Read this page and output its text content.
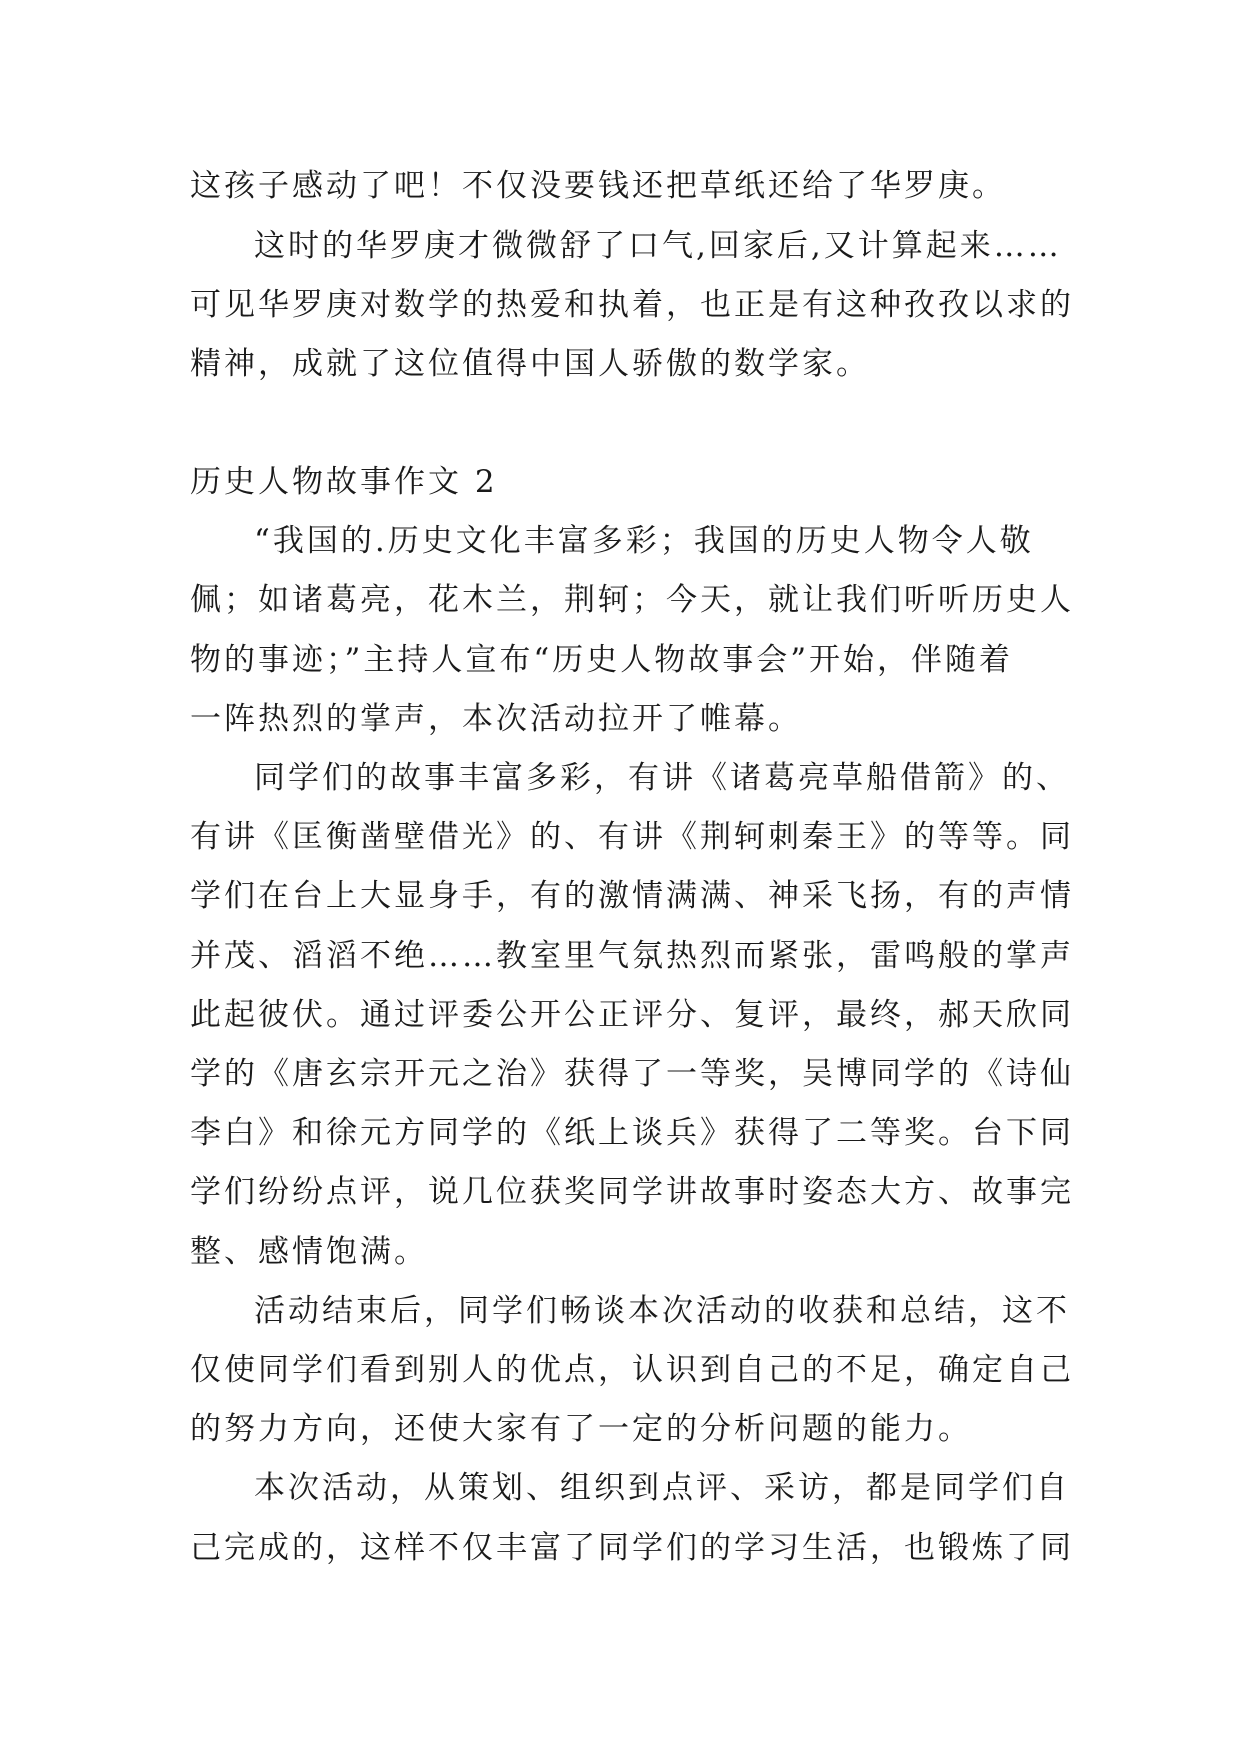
这孩子感动了吧！不仅没要钱还把草纸还给了华罗庚。
这时的华罗庚才微微舒了口气,回家后,又计算起来……
可见华罗庚对数学的热爱和执着，也正是有这种孜孜以求的
精神，成就了这位值得中国人骄傲的数学家。
历史人物故事作文 2
“我国的.历史文化丰富多彩；我国的历史人物令人敬
佩；如诸葛亮，花木兰，荆轲；今天，就让我们听听历史人
物的事迹；”主持人宣布“历史人物故事会”开始，伴随着
一阵热烈的掌声，本次活动拉开了帷幕。
同学们的故事丰富多彩，有讲《诸葛亮草船借箭》的、
有讲《匡衡凿壁借光》的、有讲《荆轲刺秦王》的等等。同
学们在台上大显身手，有的激情满满、神采飞扬，有的声情
并茂、滔滔不绝……教室里气氛热烈而紧张，雷鸣般的掌声
此起彼伏。通过评委公开公正评分、复评，最终，郝天欣同
学的《唐玄宗开元之治》获得了一等奖，吴博同学的《诗仙
李白》和徐元方同学的《纸上谈兵》获得了二等奖。台下同
学们纷纷点评，说几位获奖同学讲故事时姿态大方、故事完
整、感情饱满。
活动结束后，同学们畅谈本次活动的收获和总结，这不
仅使同学们看到别人的优点，认识到自己的不足，确定自己
的努力方向，还使大家有了一定的分析问题的能力。
本次活动，从策划、组织到点评、采访，都是同学们自
己完成的，这样不仅丰富了同学们的学习生活，也锻炼了同
